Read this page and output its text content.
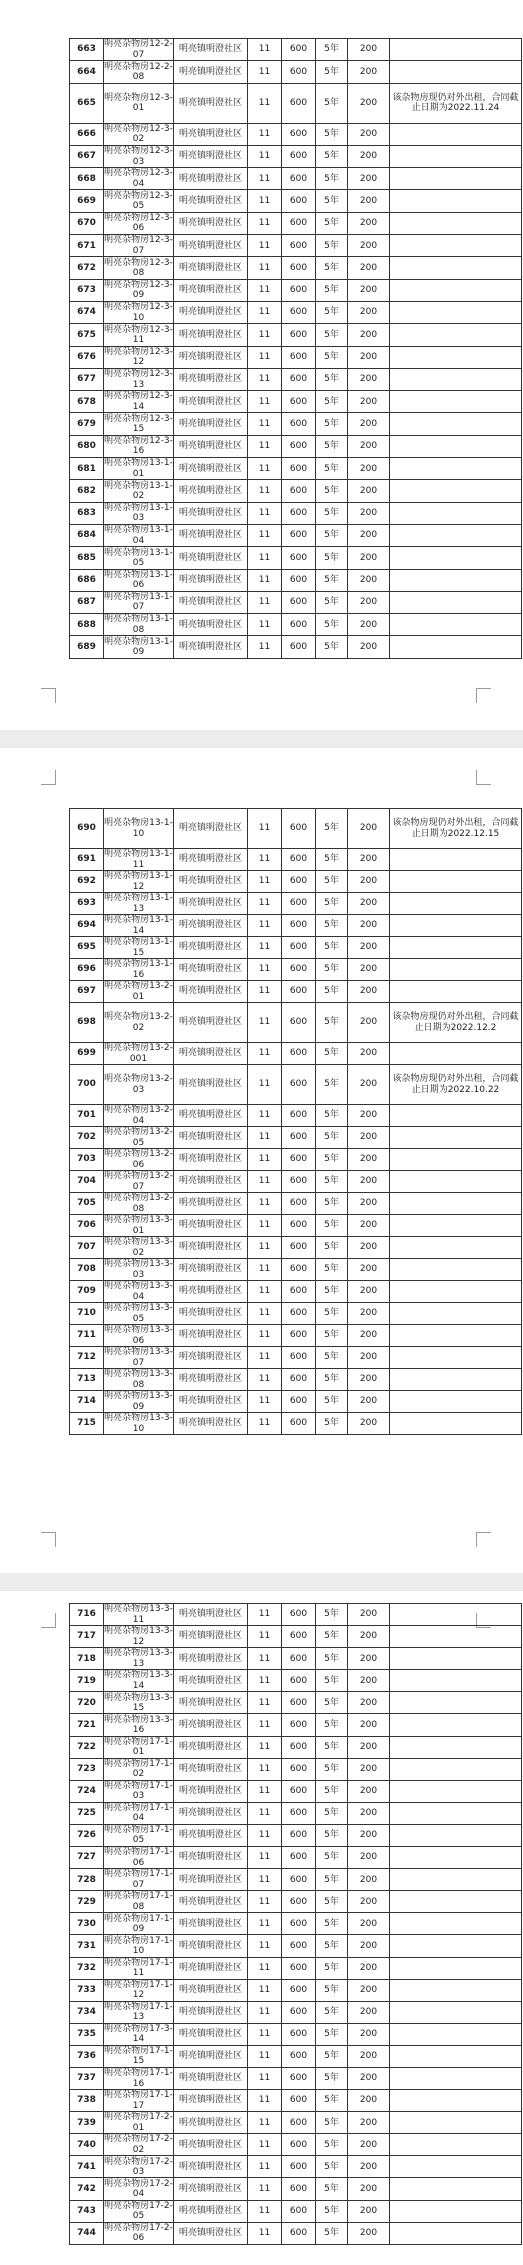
663	明亮杂物房12-2-07	明亮镇明澄社区	11	600	5年	200	
664	明亮杂物房12-2-08	明亮镇明澄社区	11	600	5年	200	
665	明亮杂物房12-3-01	明亮镇明澄社区	11	600	5年	200	该杂物房现仍对外出租，合同截止日期为2022.11.24
666	明亮杂物房12-3-02	明亮镇明澄社区	11	600	5年	200	
667	明亮杂物房12-3-03	明亮镇明澄社区	11	600	5年	200	
668	明亮杂物房12-3-04	明亮镇明澄社区	11	600	5年	200	
669	明亮杂物房12-3-05	明亮镇明澄社区	11	600	5年	200	
670	明亮杂物房12-3-06	明亮镇明澄社区	11	600	5年	200	
671	明亮杂物房12-3-07	明亮镇明澄社区	11	600	5年	200	
672	明亮杂物房12-3-08	明亮镇明澄社区	11	600	5年	200	
673	明亮杂物房12-3-09	明亮镇明澄社区	11	600	5年	200	
674	明亮杂物房12-3-10	明亮镇明澄社区	11	600	5年	200	
675	明亮杂物房12-3-11	明亮镇明澄社区	11	600	5年	200	
676	明亮杂物房12-3-12	明亮镇明澄社区	11	600	5年	200	
677	明亮杂物房12-3-13	明亮镇明澄社区	11	600	5年	200	
678	明亮杂物房12-3-14	明亮镇明澄社区	11	600	5年	200	
679	明亮杂物房12-3-15	明亮镇明澄社区	11	600	5年	200	
680	明亮杂物房12-3-16	明亮镇明澄社区	11	600	5年	200	
681	明亮杂物房13-1-01	明亮镇明澄社区	11	600	5年	200	
682	明亮杂物房13-1-02	明亮镇明澄社区	11	600	5年	200	
683	明亮杂物房13-1-03	明亮镇明澄社区	11	600	5年	200	
684	明亮杂物房13-1-04	明亮镇明澄社区	11	600	5年	200	
685	明亮杂物房13-1-05	明亮镇明澄社区	11	600	5年	200	
686	明亮杂物房13-1-06	明亮镇明澄社区	11	600	5年	200	
687	明亮杂物房13-1-07	明亮镇明澄社区	11	600	5年	200	
688	明亮杂物房13-1-08	明亮镇明澄社区	11	600	5年	200	
689	明亮杂物房13-1-09	明亮镇明澄社区	11	600	5年	200	
690	明亮杂物房13-1-10	明亮镇明澄社区	11	600	5年	200	该杂物房现仍对外出租，合同截止日期为2022.12.15
691	明亮杂物房13-1-11	明亮镇明澄社区	11	600	5年	200	
692	明亮杂物房13-1-12	明亮镇明澄社区	11	600	5年	200	
693	明亮杂物房13-1-13	明亮镇明澄社区	11	600	5年	200	
694	明亮杂物房13-1-14	明亮镇明澄社区	11	600	5年	200	
695	明亮杂物房13-1-15	明亮镇明澄社区	11	600	5年	200	
696	明亮杂物房13-1-16	明亮镇明澄社区	11	600	5年	200	
697	明亮杂物房13-2-01	明亮镇明澄社区	11	600	5年	200	
698	明亮杂物房13-2-02	明亮镇明澄社区	11	600	5年	200	该杂物房现仍对外出租，合同截止日期为2022.12.2
699	明亮杂物房13-2-001	明亮镇明澄社区	11	600	5年	200	
700	明亮杂物房13-2-03	明亮镇明澄社区	11	600	5年	200	该杂物房现仍对外出租，合同截止日期为2022.10.22
701	明亮杂物房13-2-04	明亮镇明澄社区	11	600	5年	200	
702	明亮杂物房13-2-05	明亮镇明澄社区	11	600	5年	200	
703	明亮杂物房13-2-06	明亮镇明澄社区	11	600	5年	200	
704	明亮杂物房13-2-07	明亮镇明澄社区	11	600	5年	200	
705	明亮杂物房13-2-08	明亮镇明澄社区	11	600	5年	200	
706	明亮杂物房13-3-01	明亮镇明澄社区	11	600	5年	200	
707	明亮杂物房13-3-02	明亮镇明澄社区	11	600	5年	200	
708	明亮杂物房13-3-03	明亮镇明澄社区	11	600	5年	200	
709	明亮杂物房13-3-04	明亮镇明澄社区	11	600	5年	200	
710	明亮杂物房13-3-05	明亮镇明澄社区	11	600	5年	200	
711	明亮杂物房13-3-06	明亮镇明澄社区	11	600	5年	200	
712	明亮杂物房13-3-07	明亮镇明澄社区	11	600	5年	200	
713	明亮杂物房13-3-08	明亮镇明澄社区	11	600	5年	200	
714	明亮杂物房13-3-09	明亮镇明澄社区	11	600	5年	200	
715	明亮杂物房13-3-10	明亮镇明澄社区	11	600	5年	200	
716	明亮杂物房13-3-11	明亮镇明澄社区	11	600	5年	200	
717	明亮杂物房13-3-12	明亮镇明澄社区	11	600	5年	200	
718	明亮杂物房13-3-13	明亮镇明澄社区	11	600	5年	200	
719	明亮杂物房13-3-14	明亮镇明澄社区	11	600	5年	200	
720	明亮杂物房13-3-15	明亮镇明澄社区	11	600	5年	200	
721	明亮杂物房13-3-16	明亮镇明澄社区	11	600	5年	200	
722	明亮杂物房17-1-01	明亮镇明澄社区	11	600	5年	200	
723	明亮杂物房17-1-02	明亮镇明澄社区	11	600	5年	200	
724	明亮杂物房17-1-03	明亮镇明澄社区	11	600	5年	200	
725	明亮杂物房17-1-04	明亮镇明澄社区	11	600	5年	200	
726	明亮杂物房17-1-05	明亮镇明澄社区	11	600	5年	200	
727	明亮杂物房17-1-06	明亮镇明澄社区	11	600	5年	200	
728	明亮杂物房17-1-07	明亮镇明澄社区	11	600	5年	200	
729	明亮杂物房17-1-08	明亮镇明澄社区	11	600	5年	200	
730	明亮杂物房17-1-09	明亮镇明澄社区	11	600	5年	200	
731	明亮杂物房17-1-10	明亮镇明澄社区	11	600	5年	200	
732	明亮杂物房17-1-11	明亮镇明澄社区	11	600	5年	200	
733	明亮杂物房17-1-12	明亮镇明澄社区	11	600	5年	200	
734	明亮杂物房17-1-13	明亮镇明澄社区	11	600	5年	200	
735	明亮杂物房17-3-14	明亮镇明澄社区	11	600	5年	200	
736	明亮杂物房17-1-15	明亮镇明澄社区	11	600	5年	200	
737	明亮杂物房17-1-16	明亮镇明澄社区	11	600	5年	200	
738	明亮杂物房17-1-17	明亮镇明澄社区	11	600	5年	200	
739	明亮杂物房17-2-01	明亮镇明澄社区	11	600	5年	200	
740	明亮杂物房17-2-02	明亮镇明澄社区	11	600	5年	200	
741	明亮杂物房17-2-03	明亮镇明澄社区	11	600	5年	200	
742	明亮杂物房17-2-04	明亮镇明澄社区	11	600	5年	200	
743	明亮杂物房17-2-05	明亮镇明澄社区	11	600	5年	200	
744	明亮杂物房17-2-06	明亮镇明澄社区	11	600	5年	200	
